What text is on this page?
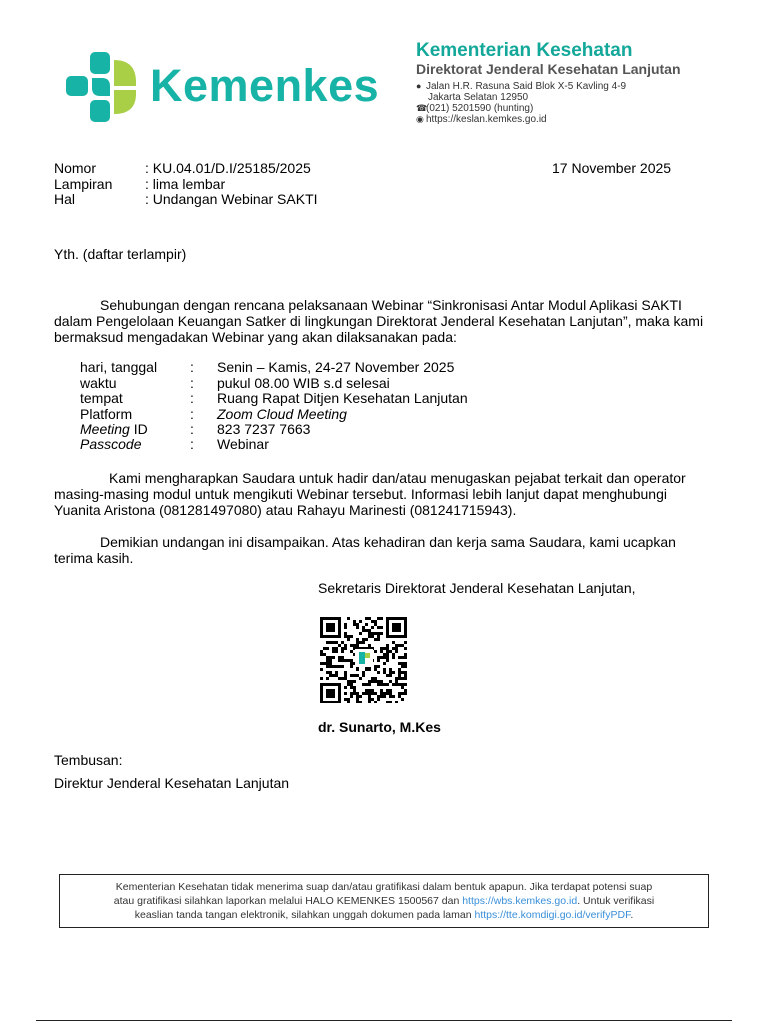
Kemenkes
Kementerian Kesehatan
Direktorat Jenderal Kesehatan Lanjutan
● Jalan H.R. Rasuna Said Blok X-5 Kavling 4-9
Jakarta Selatan 12950
☎(021) 5201590 (hunting)
◉ https://keslan.kemkes.go.id
Nomor	: KU.04.01/D.I/25185/2025
Lampiran : lima lembar
Hal	: Undangan Webinar SAKTI
17 November 2025
Yth. (daftar terlampir)
Sehubungan dengan rencana pelaksanaan Webinar “Sinkronisasi Antar Modul Aplikasi SAKTI
dalam Pengelolaan Keuangan Satker di lingkungan Direktorat Jenderal Kesehatan Lanjutan”, maka kami
bermaksud mengadakan Webinar yang akan dilaksanakan pada:
hari, tanggal : Senin – Kamis, 24-27 November 2025
waktu	: pukul 08.00 WIB s.d selesai
tempat	: Ruang Rapat Ditjen Kesehatan Lanjutan
Platform	: Zoom Cloud Meeting
Meeting ID	: 823 7237 7663
Passcode	: Webinar
Kami mengharapkan Saudara untuk hadir dan/atau menugaskan pejabat terkait dan operator
masing-masing modul untuk mengikuti Webinar tersebut. Informasi lebih lanjut dapat menghubungi
Yuanita Aristona (081281497080) atau Rahayu Marinesti (081241715943).
Demikian undangan ini disampaikan. Atas kehadiran dan kerja sama Saudara, kami ucapkan
terima kasih.
Sekretaris Direktorat Jenderal Kesehatan Lanjutan,
dr. Sunarto, M.Kes
Tembusan:
Direktur Jenderal Kesehatan Lanjutan
Kementerian Kesehatan tidak menerima suap dan/atau gratifikasi dalam bentuk apapun. Jika terdapat potensi suap
atau gratifikasi silahkan laporkan melalui HALO KEMENKES 1500567 dan https://wbs.kemkes.go.id. Untuk verifikasi
keaslian tanda tangan elektronik, silahkan unggah dokumen pada laman https://tte.komdigi.go.id/verifyPDF.
